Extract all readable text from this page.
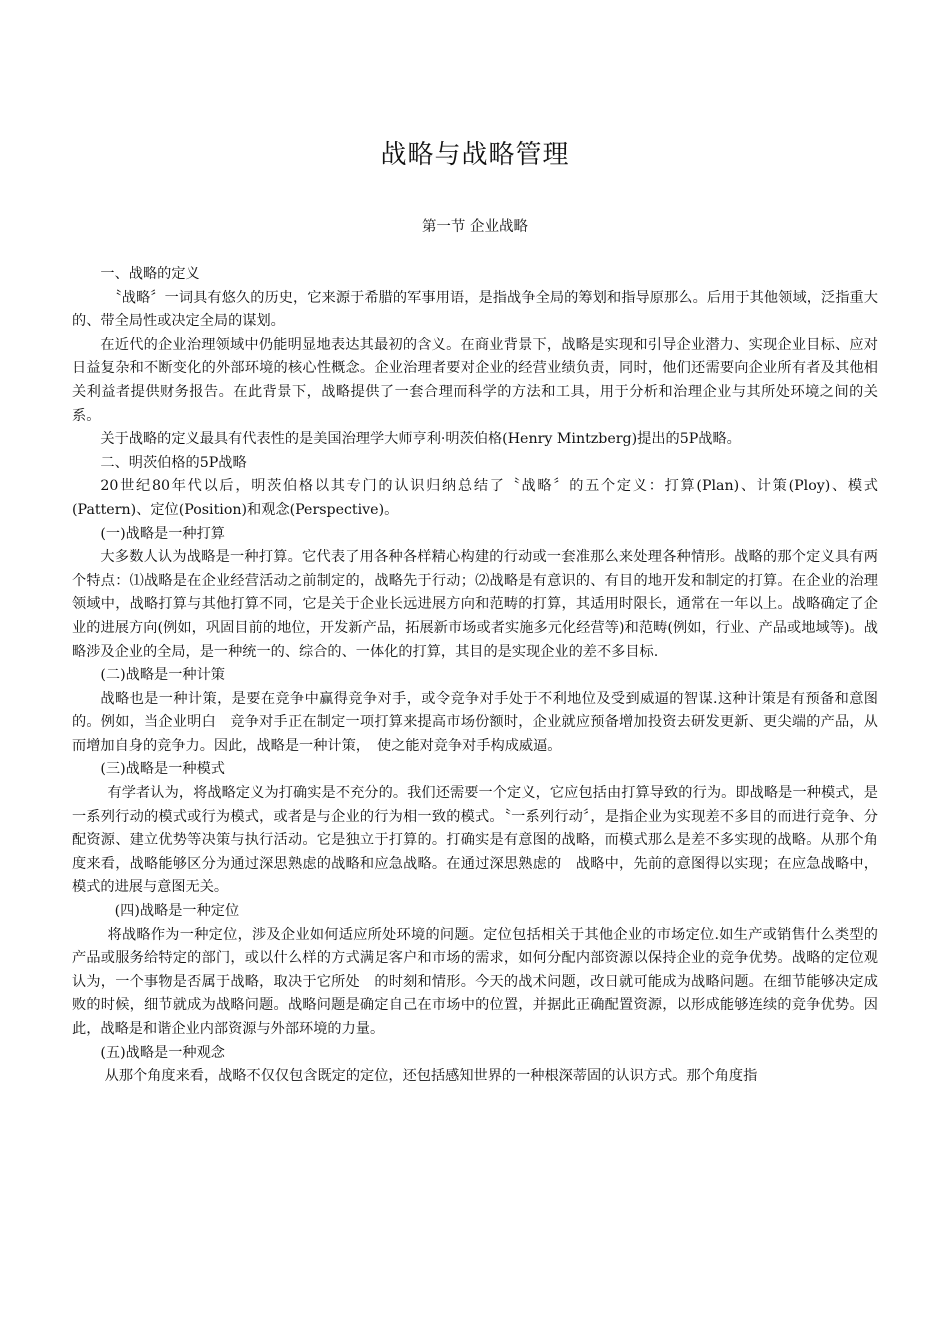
战略与战略管理
第一节 企业战略

一、战略的定义

〝战略〞一词具有悠久的历史，它来源于希腊的军事用语，是指战争全局的筹划和指导原那么。后用于其他领域，泛指重大的、带全局性或决定全局的谋划。

在近代的企业治理领域中仍能明显地表达其最初的含义。在商业背景下，战略是实现和引导企业潜力、实现企业目标、应对日益复杂和不断变化的外部环境的核心性概念。企业治理者要对企业的经营业绩负责，同时，他们还需要向企业所有者及其他相关利益者提供财务报告。在此背景下，战略提供了一套合理而科学的方法和工具，用于分析和治理企业与其所处环境之间的关系。

关于战略的定义最具有代表性的是美国治理学大师亨利·明茨伯格(Henry Mintzberg)提出的5P战略。

二、明茨伯格的5P战略

20世纪80年代以后，明茨伯格以其专门的认识归纳总结了〝战略〞的五个定义：打算(Plan)、计策(Ploy)、模式(Pattern)、定位(Position)和观念(Perspective)。

(一)战略是一种打算

大多数人认为战略是一种打算。它代表了用各种各样精心构建的行动或一套准那么来处理各种情形。战略的那个定义具有两个特点：⑴战略是在企业经营活动之前制定的，战略先于行动；⑵战略是有意识的、有目的地开发和制定的打算。在企业的治理领域中，战略打算与其他打算不同，它是关于企业长远进展方向和范畴的打算，其适用时限长，通常在一年以上。战略确定了企业的进展方向(例如，巩固目前的地位，开发新产品，拓展新市场或者实施多元化经营等)和范畴(例如，行业、产品或地域等)。战略涉及企业的全局，是一种统一的、综合的、一体化的打算，其目的是实现企业的差不多目标.

(二)战略是一种计策

战略也是一种计策，是要在竞争中赢得竞争对手，或令竞争对手处于不利地位及受到威逼的智谋.这种计策是有预备和意图的。例如，当企业明白　竞争对手正在制定一项打算来提高市场份额时，企业就应预备增加投资去研发更新、更尖端的产品，从而增加自身的竞争力。因此，战略是一种计策，　使之能对竞争对手构成威逼。

(三)战略是一种模式

有学者认为，将战略定义为打确实是不充分的。我们还需要一个定义，它应包括由打算导致的行为。即战略是一种模式，是一系列行动的模式或行为模式，或者是与企业的行为相一致的模式。〝一系列行动〞，是指企业为实现差不多目的而进行竞争、分配资源、建立优势等决策与执行活动。它是独立于打算的。打确实是有意图的战略，而模式那么是差不多实现的战略。从那个角度来看，战略能够区分为通过深思熟虑的战略和应急战略。在通过深思熟虑的　战略中，先前的意图得以实现；在应急战略中，模式的进展与意图无关。

(四)战略是一种定位

将战略作为一种定位，涉及企业如何适应所处环境的问题。定位包括相关于其他企业的市场定位.如生产或销售什么类型的产品或服务给特定的部门，或以什么样的方式满足客户和市场的需求，如何分配内部资源以保持企业的竞争优势。战略的定位观认为，一个事物是否属于战略，取决于它所处　的时刻和情形。今天的战术问题，改日就可能成为战略问题。在细节能够决定成败的时候，细节就成为战略问题。战略问题是确定自己在市场中的位置，并据此正确配置资源，以形成能够连续的竞争优势。因此，战略是和谐企业内部资源与外部环境的力量。

(五)战略是一种观念

从那个角度来看，战略不仅仅包含既定的定位，还包括感知世界的一种根深蒂固的认识方式。那个角度指
